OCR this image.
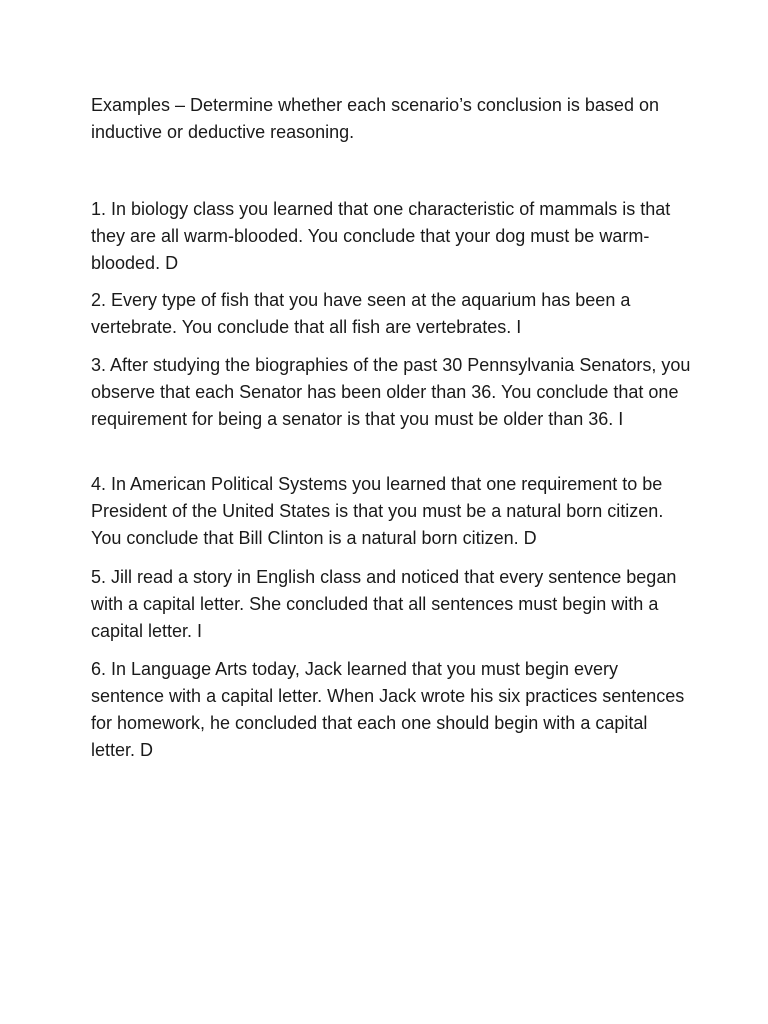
Examples – Determine whether each scenario’s conclusion is based on inductive or deductive reasoning.

1. In biology class you learned that one characteristic of mammals is that they are all warm-blooded. You conclude that your dog must be warm-blooded. D

2. Every type of fish that you have seen at the aquarium has been a vertebrate. You conclude that all fish are vertebrates. I

3. After studying the biographies of the past 30 Pennsylvania Senators, you observe that each Senator has been older than 36. You conclude that one requirement for being a senator is that you must be older than 36. I

4. In American Political Systems you learned that one requirement to be President of the United States is that you must be a natural born citizen. You conclude that Bill Clinton is a natural born citizen. D

5. Jill read a story in English class and noticed that every sentence began with a capital letter. She concluded that all sentences must begin with a capital letter. I

6. In Language Arts today, Jack learned that you must begin every sentence with a capital letter. When Jack wrote his six practices sentences for homework, he concluded that each one should begin with a capital letter. D
